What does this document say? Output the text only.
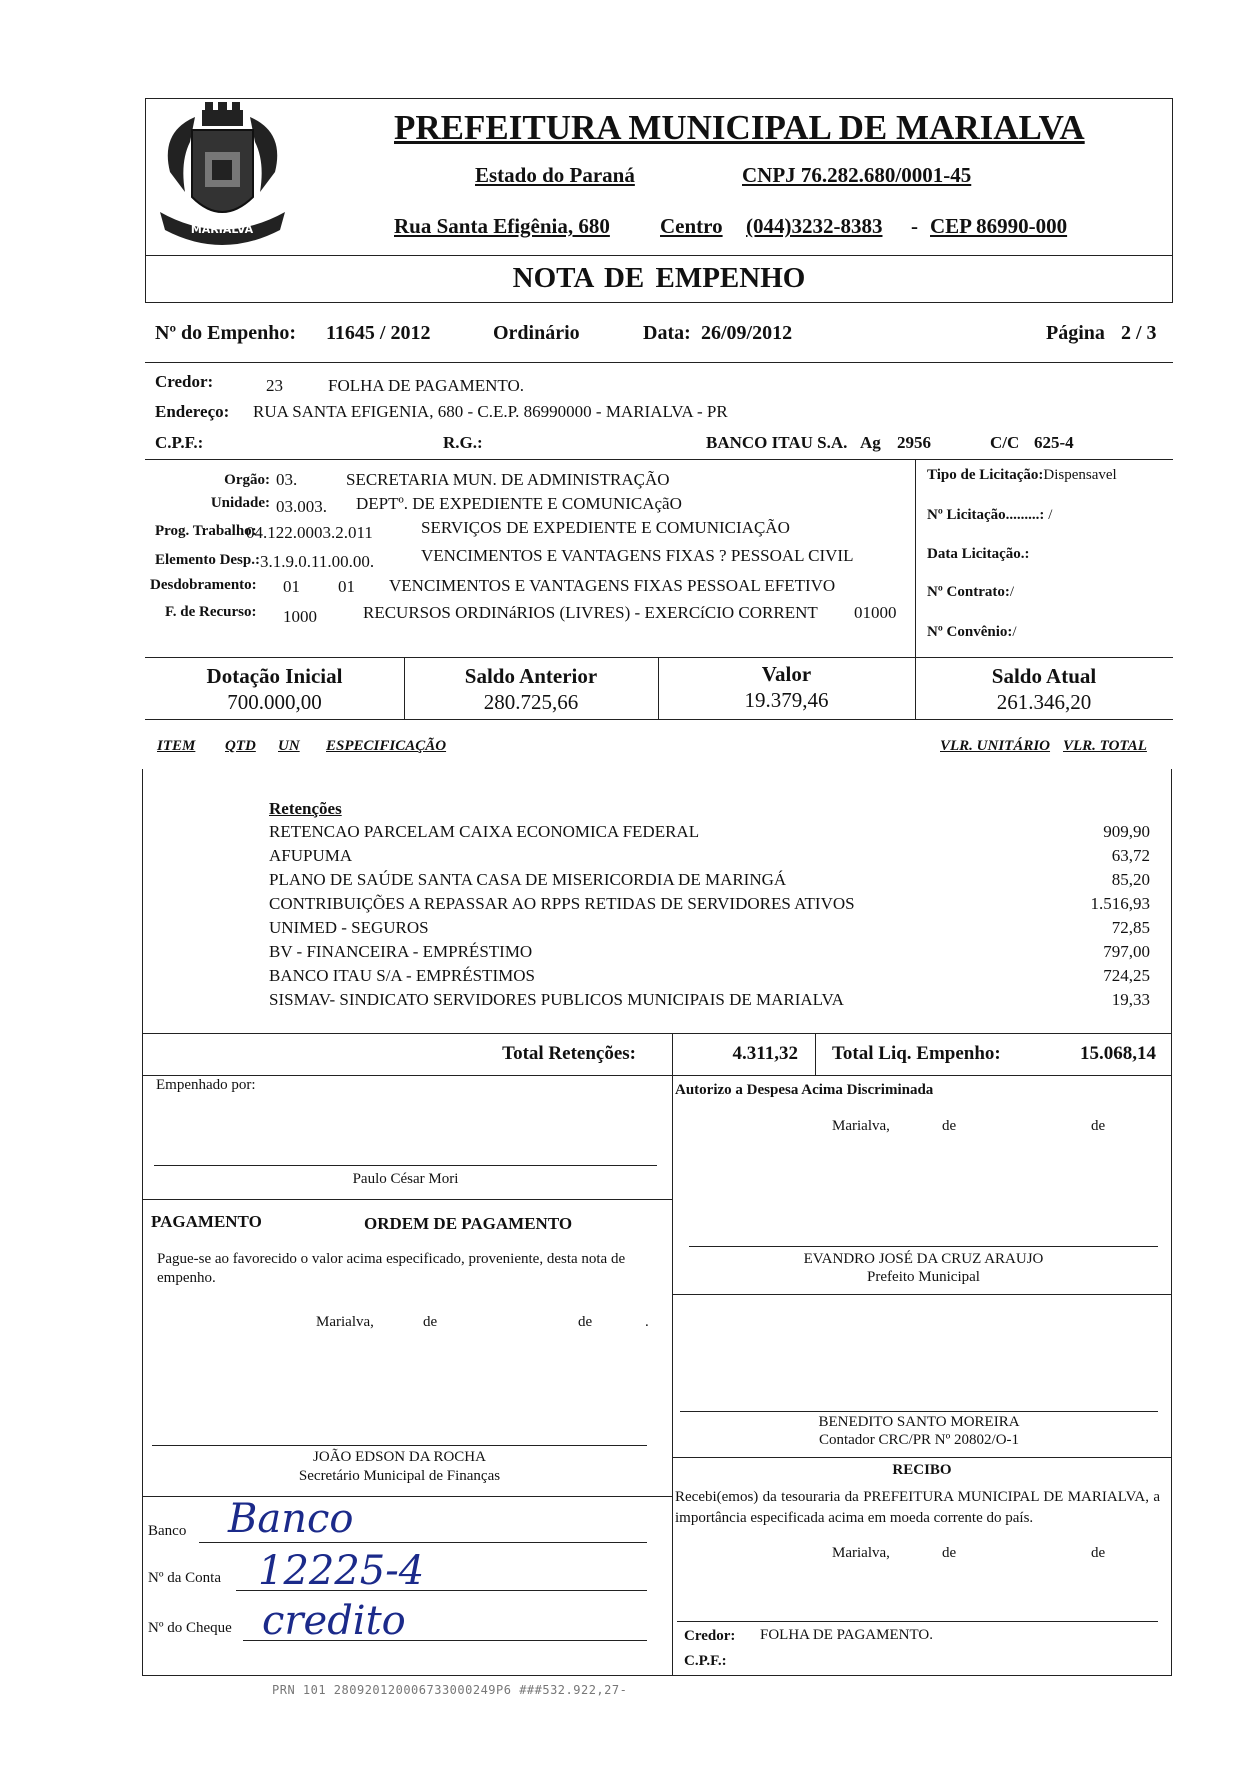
MARIALVA
PREFEITURA MUNICIPAL DE MARIALVA
Estado do Paraná	CNPJ 76.282.680/0001-45
Rua Santa Efigênia, 680 Centro (044)3232-8383 - CEP 86990-000
NOTA DE EMPENHO
Nº do Empenho: 11645 / 2012	Ordinário	Data: 26/09/2012	Página 2 / 3
Credor:	23	FOLHA DE PAGAMENTO.
Endereço: RUA SANTA EFIGENIA, 680 - C.E.P. 86990000 - MARIALVA - PR
C.P.F.:	R.G.:	BANCO ITAU S.A. Ag 2956	C/C 625-4
Orgão: 03.	SECRETARIA MUN. DE ADMINISTRAÇÃO
Unidade: 03.003. DEPTº. DE EXPEDIENTE E COMUNICAçãO
Prog. Trabalho:
04.122.0003.2.011	SERVIÇOS DE EXPEDIENTE E COMUNICIAÇÃO
Elemento Desp.: 3.1.9.0.11.00.00.	VENCIMENTOS E VANTAGENS FIXAS ? PESSOAL CIVIL
Desdobramento: 01 01 VENCIMENTOS E VANTAGENS FIXAS PESSOAL EFETIVO
F. de Recurso: 1000	RECURSOS ORDINáRIOS (LIVRES) - EXERCíCIO CORRENT 01000
Tipo de Licitação:Dispensavel
Nº Licitação.........: /
Data Licitação.:
Nº Contrato:/
Nº Convênio:/
Dotação Inicial
700.000,00
Saldo Anterior
280.725,66
Valor
19.379,46
Saldo Atual
261.346,20
ITEM QTD UN ESPECIFICAÇÃO	VLR. UNITÁRIO VLR. TOTAL
Retenções
RETENCAO PARCELAM CAIXA ECONOMICA FEDERAL	909,90
AFUPUMA	63,72
PLANO DE SAÚDE SANTA CASA DE MISERICORDIA DE MARINGÁ	85,20
CONTRIBUIÇÕES A REPASSAR AO RPPS RETIDAS DE SERVIDORES ATIVOS	1.516,93
UNIMED - SEGUROS	72,85
BV - FINANCEIRA - EMPRÉSTIMO	797,00
BANCO ITAU S/A - EMPRÉSTIMOS	724,25
SISMAV- SINDICATO SERVIDORES PUBLICOS MUNICIPAIS DE MARIALVA	19,33
Total Retenções:	4.311,32 Total Liq. Empenho:	15.068,14
Empenhado por:
Paulo César Mori
PAGAMENTO	ORDEM DE PAGAMENTO
Pague-se ao favorecido o valor acima especificado, proveniente, desta nota de empenho.
Marialva,	de	de	.
JOÃO EDSON DA ROCHA
Secretário Municipal de Finanças
Banco Banco
Nº da Conta 12225-4
Nº do Cheque credito
Autorizo a Despesa Acima Discriminada
Marialva,	de	de
EVANDRO JOSÉ DA CRUZ ARAUJO
Prefeito Municipal
BENEDITO SANTO MOREIRA
Contador CRC/PR Nº 20802/O-1
RECIBO
Recebi(emos) da tesouraria da PREFEITURA MUNICIPAL DE MARIALVA, a importância especificada acima em moeda corrente do país.
Marialva,	de	de
Credor: FOLHA DE PAGAMENTO.
C.P.F.:
PRN 101 280920120006733000249P6 ###532.922,27-
